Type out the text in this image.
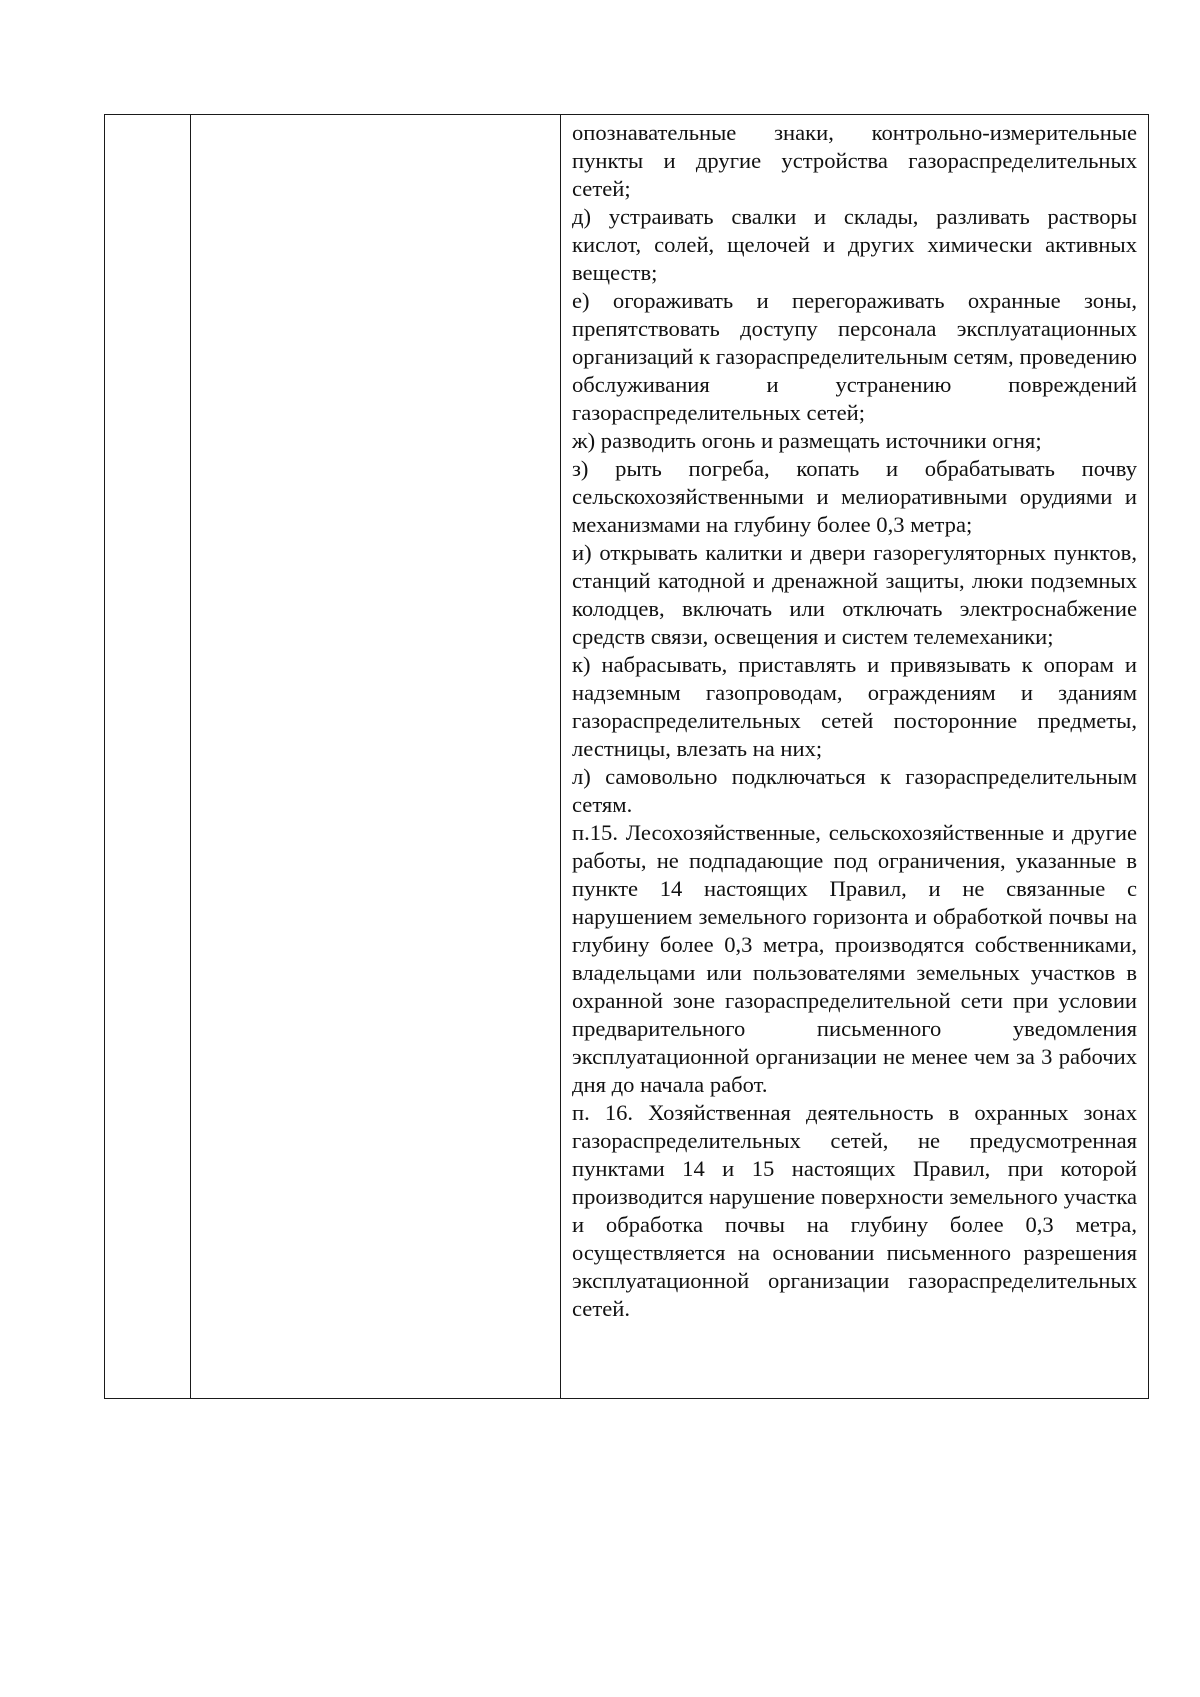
опознавательные знаки, контрольно-измерительные пункты и другие устройства газораспределительных сетей;

д) устраивать свалки и склады, разливать растворы кислот, солей, щелочей и других химически активных веществ;

е) огораживать и перегораживать охранные зоны, препятствовать доступу персонала эксплуатационных организаций к газораспределительным сетям, проведению обслуживания и устранению повреждений газораспределительных сетей;

ж) разводить огонь и размещать источники огня;

з) рыть погреба, копать и обрабатывать почву сельскохозяйственными и мелиоративными орудиями и механизмами на глубину более 0,3 метра;

и) открывать калитки и двери газорегуляторных пунктов, станций катодной и дренажной защиты, люки подземных колодцев, включать или отключать электроснабжение средств связи, освещения и систем телемеханики;

к) набрасывать, приставлять и привязывать к опорам и надземным газопроводам, ограждениям и зданиям газораспределительных сетей посторонние предметы, лестницы, влезать на них;

л) самовольно подключаться к газораспределительным сетям.

п.15. Лесохозяйственные, сельскохозяйственные и другие работы, не подпадающие под ограничения, указанные в пункте 14 настоящих Правил, и не связанные с нарушением земельного горизонта и обработкой почвы на глубину более 0,3 метра, производятся собственниками, владельцами или пользователями земельных участков в охранной зоне газораспределительной сети при условии предварительного письменного уведомления эксплуатационной организации не менее чем за 3 рабочих дня до начала работ.

п. 16. Хозяйственная деятельность в охранных зонах газораспределительных сетей, не предусмотренная пунктами 14 и 15 настоящих Правил, при которой производится нарушение поверхности земельного участка и обработка почвы на глубину более 0,3 метра, осуществляется на основании письменного разрешения эксплуатационной организации газораспределительных сетей.
